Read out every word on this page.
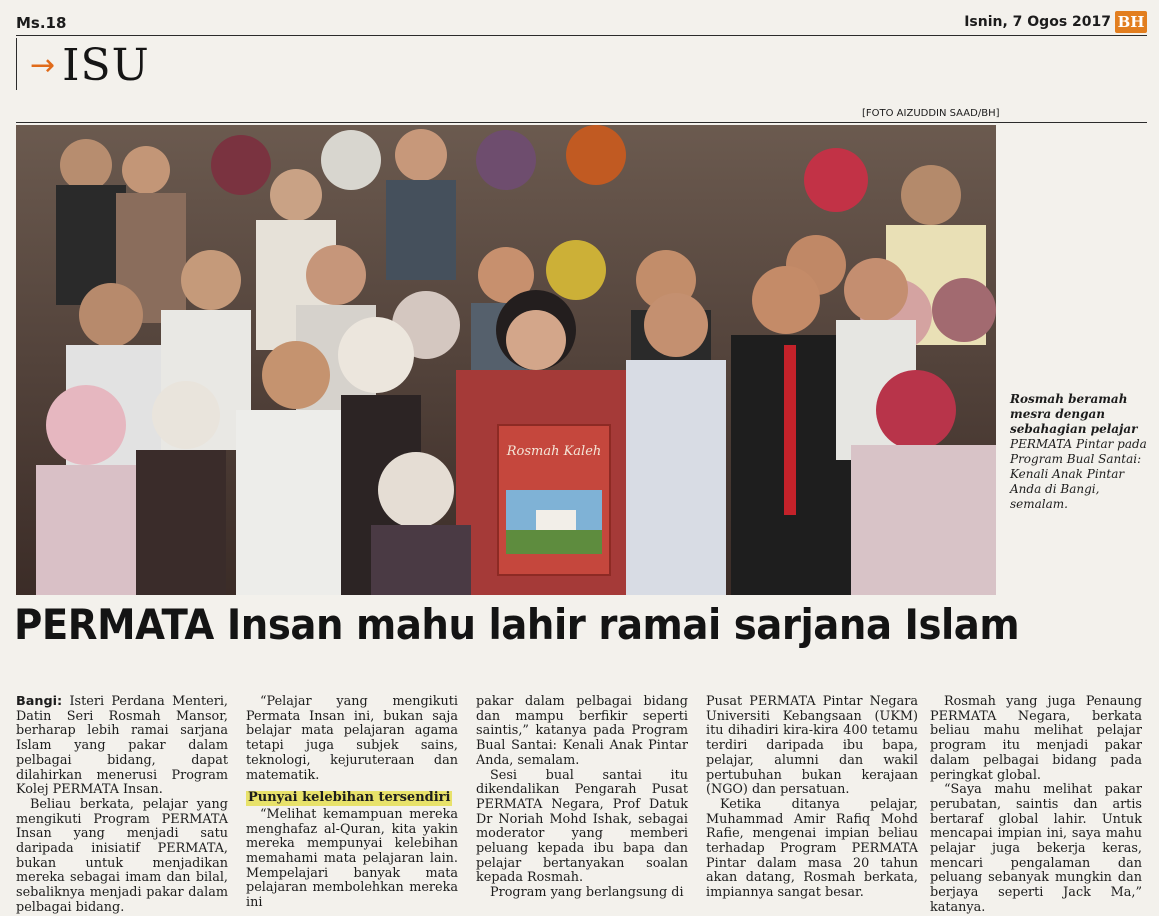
Ms.18	Isnin, 7 Ogos 2017 BH
→ ISU
[FOTO AIZUDDIN SAAD/BH]
Rosmah Kaleh
Rosmah beramah mesra dengan sebahagian pelajar PERMATA Pintar pada Program Bual Santai: Kenali Anak Pintar Anda di Bangi, semalam.
PERMATA Insan mahu lahir ramai sarjana Islam

Bangi: Isteri Perdana Menteri, Datin Seri Rosmah Mansor, berharap lebih ramai sarjana Islam yang pakar dalam pelbagai bidang, dapat dilahirkan menerusi Program Kolej PERMATA Insan.

Beliau berkata, pelajar yang mengikuti Program PERMATA Insan yang menjadi satu daripada inisiatif PERMATA, bukan untuk menjadikan mereka sebagai imam dan bilal, sebaliknya menjadi pakar dalam pelbagai bidang.

“Pelajar yang mengikuti Permata Insan ini, bukan saja belajar mata pelajaran agama tetapi juga subjek sains, teknologi, kejuruteraan dan matematik.

Punyai kelebihan tersendiri

“Melihat kemampuan mereka menghafaz al-Quran, kita yakin mereka mempunyai kelebihan memahami mata pelajaran lain. Mempelajari banyak mata pelajaran membolehkan mereka ini

pakar dalam pelbagai bidang dan mampu berfikir seperti saintis,” katanya pada Program Bual Santai: Kenali Anak Pintar Anda, semalam.

Sesi bual santai itu dikendalikan Pengarah Pusat PERMATA Negara, Prof Datuk Dr Noriah Mohd Ishak, sebagai moderator yang memberi peluang kepada ibu bapa dan pelajar bertanyakan soalan kepada Rosmah.

Program yang berlangsung di

Pusat PERMATA Pintar Negara Universiti Kebangsaan (UKM) itu dihadiri kira-kira 400 tetamu terdiri daripada ibu bapa, pelajar, alumni dan wakil pertubuhan bukan kerajaan (NGO) dan persatuan.

Ketika ditanya pelajar, Muhammad Amir Rafiq Mohd Rafie, mengenai impian beliau terhadap Program PERMATA Pintar dalam masa 20 tahun akan datang, Rosmah berkata, impiannya sangat besar.

Rosmah yang juga Penaung PERMATA Negara, berkata beliau mahu melihat pelajar program itu menjadi pakar dalam pelbagai bidang pada peringkat global.

“Saya mahu melihat pakar perubatan, saintis dan artis bertaraf global lahir. Untuk mencapai impian ini, saya mahu pelajar juga bekerja keras, mencari pengalaman dan peluang sebanyak mungkin dan berjaya seperti Jack Ma,” katanya.
